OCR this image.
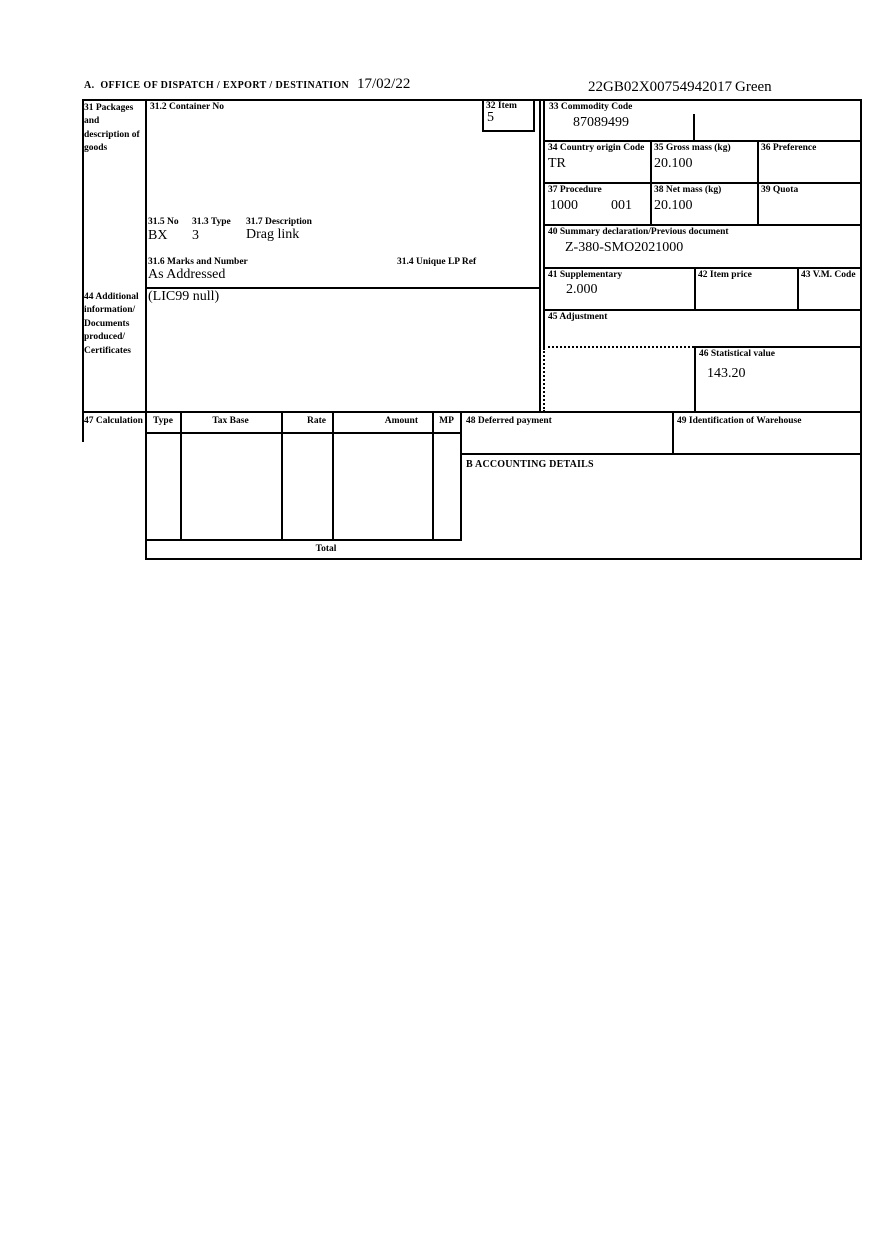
A.  OFFICE OF DISPATCH / EXPORT / DESTINATION 17/02/22	22GB02X00754942017 Green
31 Packages and description of goods
31.2 Container No	32 Item
5
31.5 No 31.3 Type 31.7 Description
BX 3	Drag link
31.6 Marks and Number	31.4 Unique LP Ref
As Addressed
44 Additional information/ Documents produced/ Certificates
(LIC99 null)
33 Commodity Code
87089499
34 Country origin Code
TR
35 Gross mass (kg)
20.100
36 Preference
37 Procedure
1000 001
38 Net mass (kg)
20.100
39 Quota
40 Summary declaration/Previous document
Z-380-SMO2021000
41 Supplementary
2.000
42 Item price	43 V.M. Code
45 Adjustment
46 Statistical value
143.20
47 Calculation	Type	Tax Base	Rate	Amount	MP
Total
48 Deferred payment	49 Identification of Warehouse
B ACCOUNTING DETAILS
